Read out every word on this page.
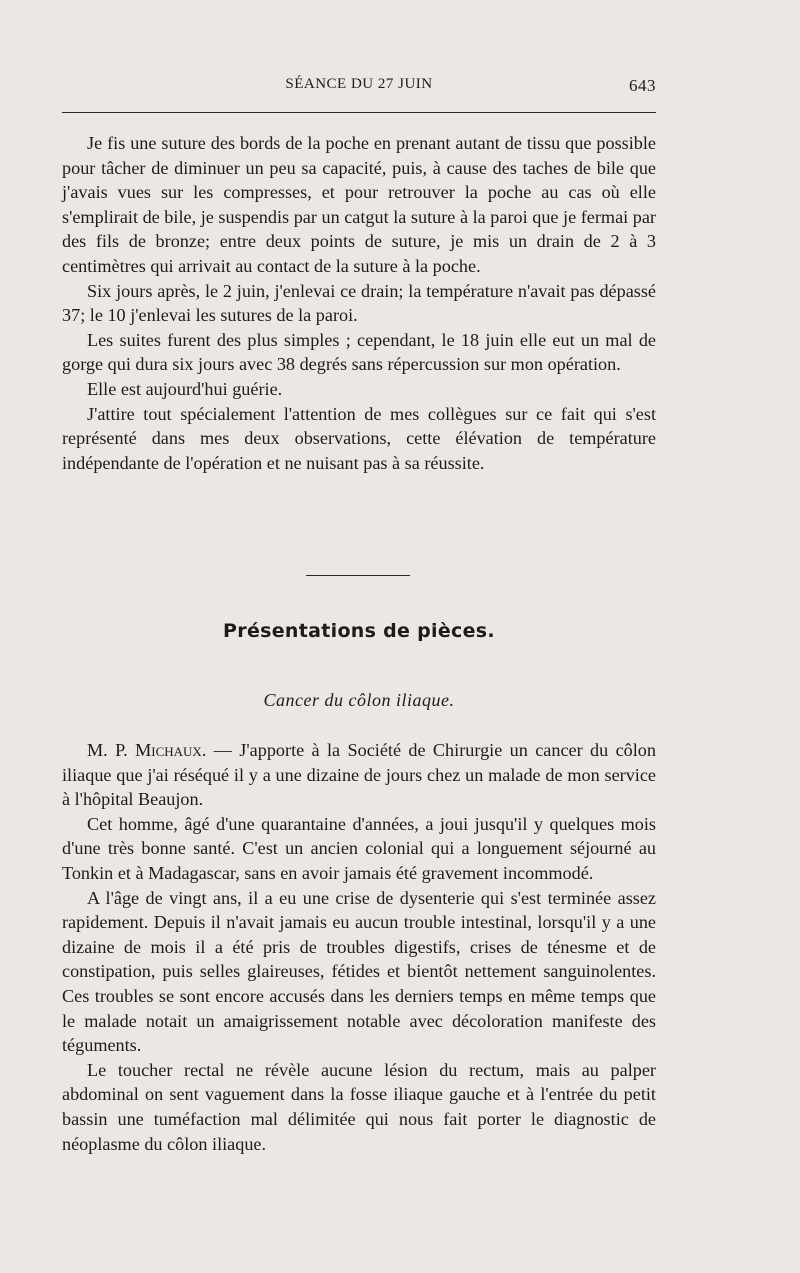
SÉANCE DU 27 JUIN	643

Je fis une suture des bords de la poche en prenant autant de tissu que possible pour tâcher de diminuer un peu sa capacité, puis, à cause des taches de bile que j'avais vues sur les compresses, et pour retrouver la poche au cas où elle s'emplirait de bile, je suspendis par un catgut la suture à la paroi que je fermai par des fils de bronze; entre deux points de suture, je mis un drain de 2 à 3 centimètres qui arrivait au contact de la suture à la poche.

Six jours après, le 2 juin, j'enlevai ce drain; la température n'avait pas dépassé 37; le 10 j'enlevai les sutures de la paroi.

Les suites furent des plus simples ; cependant, le 18 juin elle eut un mal de gorge qui dura six jours avec 38 degrés sans répercussion sur mon opération.

Elle est aujourd'hui guérie.

J'attire tout spécialement l'attention de mes collègues sur ce fait qui s'est représenté dans mes deux observations, cette élévation de température indépendante de l'opération et ne nuisant pas à sa réussite.

Présentations de pièces.
Cancer du côlon iliaque.

M. P. Michaux. — J'apporte à la Société de Chirurgie un cancer du côlon iliaque que j'ai réséqué il y a une dizaine de jours chez un malade de mon service à l'hôpital Beaujon.

Cet homme, âgé d'une quarantaine d'années, a joui jusqu'il y quelques mois d'une très bonne santé. C'est un ancien colonial qui a longuement séjourné au Tonkin et à Madagascar, sans en avoir jamais été gravement incommodé.

A l'âge de vingt ans, il a eu une crise de dysenterie qui s'est terminée assez rapidement. Depuis il n'avait jamais eu aucun trouble intestinal, lorsqu'il y a une dizaine de mois il a été pris de troubles digestifs, crises de ténesme et de constipation, puis selles glaireuses, fétides et bientôt nettement sanguinolentes. Ces troubles se sont encore accusés dans les derniers temps en même temps que le malade notait un amaigrissement notable avec décoloration manifeste des téguments.

Le toucher rectal ne révèle aucune lésion du rectum, mais au palper abdominal on sent vaguement dans la fosse iliaque gauche et à l'entrée du petit bassin une tuméfaction mal délimitée qui nous fait porter le diagnostic de néoplasme du côlon iliaque.
